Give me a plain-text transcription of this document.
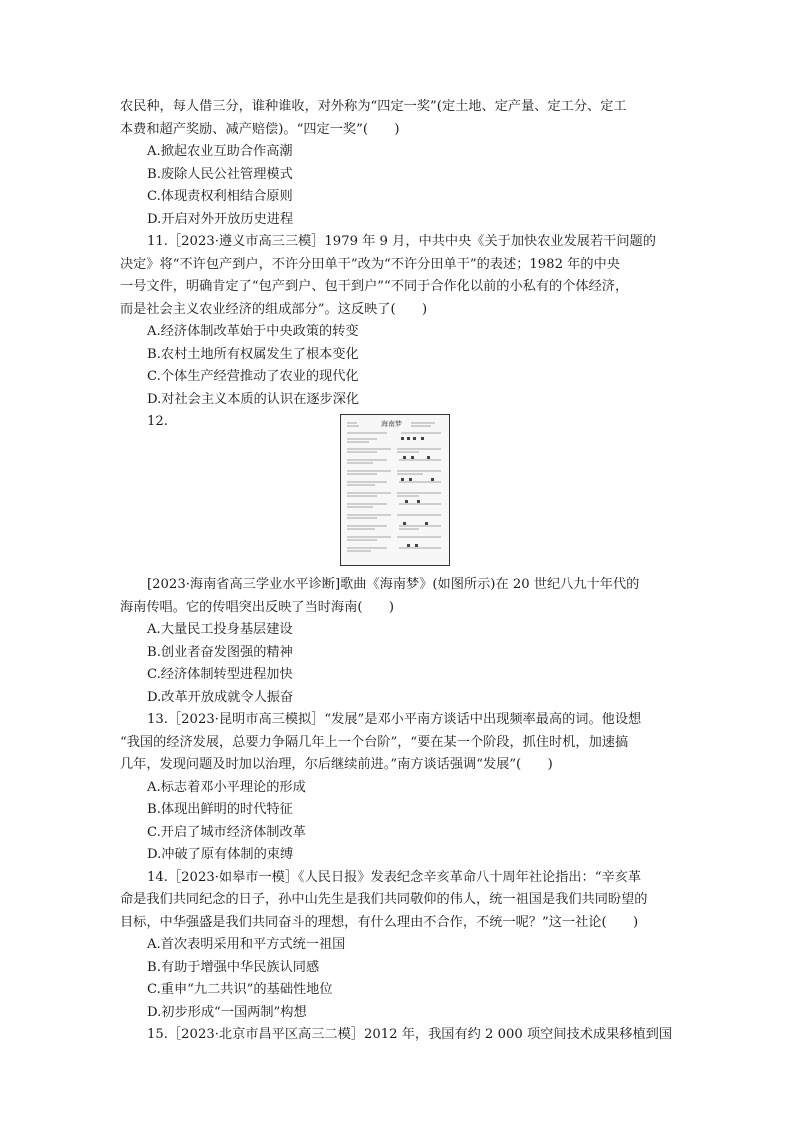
农民种，每人借三分，谁种谁收，对外称为“四定一奖”(定土地、定产量、定工分、定工
本费和超产奖励、减产赔偿)。“四定一奖”(　　)
A.掀起农业互助合作高潮
B.废除人民公社管理模式
C.体现责权利相结合原则
D.开启对外开放历史进程
11.［2023·遵义市高三三模］1979 年 9 月，中共中央《关于加快农业发展若干问题的
决定》将“不许包产到户，不许分田单干”改为“不许分田单干”的表述；1982 年的中央
一号文件，明确肯定了“包产到户、包干到户”“不同于合作化以前的小私有的个体经济，
而是社会主义农业经济的组成部分”。这反映了(　　)
A.经济体制改革始于中央政策的转变
B.农村土地所有权属发生了根本变化
C.个体生产经营推动了农业的现代化
D.对社会主义本质的认识在逐步深化
12.	海南梦
[2023·海南省高三学业水平诊断]歌曲《海南梦》(如图所示)在 20 世纪八九十年代的
海南传唱。它的传唱突出反映了当时海南(　　)
A.大量民工投身基层建设
B.创业者奋发图强的精神
C.经济体制转型进程加快
D.改革开放成就令人振奋
13.［2023·昆明市高三模拟］“发展”是邓小平南方谈话中出现频率最高的词。他设想
“我国的经济发展，总要力争隔几年上一个台阶”，“要在某一个阶段，抓住时机，加速搞
几年，发现问题及时加以治理，尔后继续前进。”南方谈话强调“发展”(　　)
A.标志着邓小平理论的形成
B.体现出鲜明的时代特征
C.开启了城市经济体制改革
D.冲破了原有体制的束缚
14.［2023·如皋市一模］《人民日报》发表纪念辛亥革命八十周年社论指出：“辛亥革
命是我们共同纪念的日子，孙中山先生是我们共同敬仰的伟人，统一祖国是我们共同盼望的
目标，中华强盛是我们共同奋斗的理想，有什么理由不合作，不统一呢？”这一社论(　　)
A.首次表明采用和平方式统一祖国
B.有助于增强中华民族认同感
C.重申“九二共识”的基础性地位
D.初步形成“一国两制”构想
15.［2023·北京市昌平区高三二模］2012 年，我国有约 2 000 项空间技术成果移植到国
